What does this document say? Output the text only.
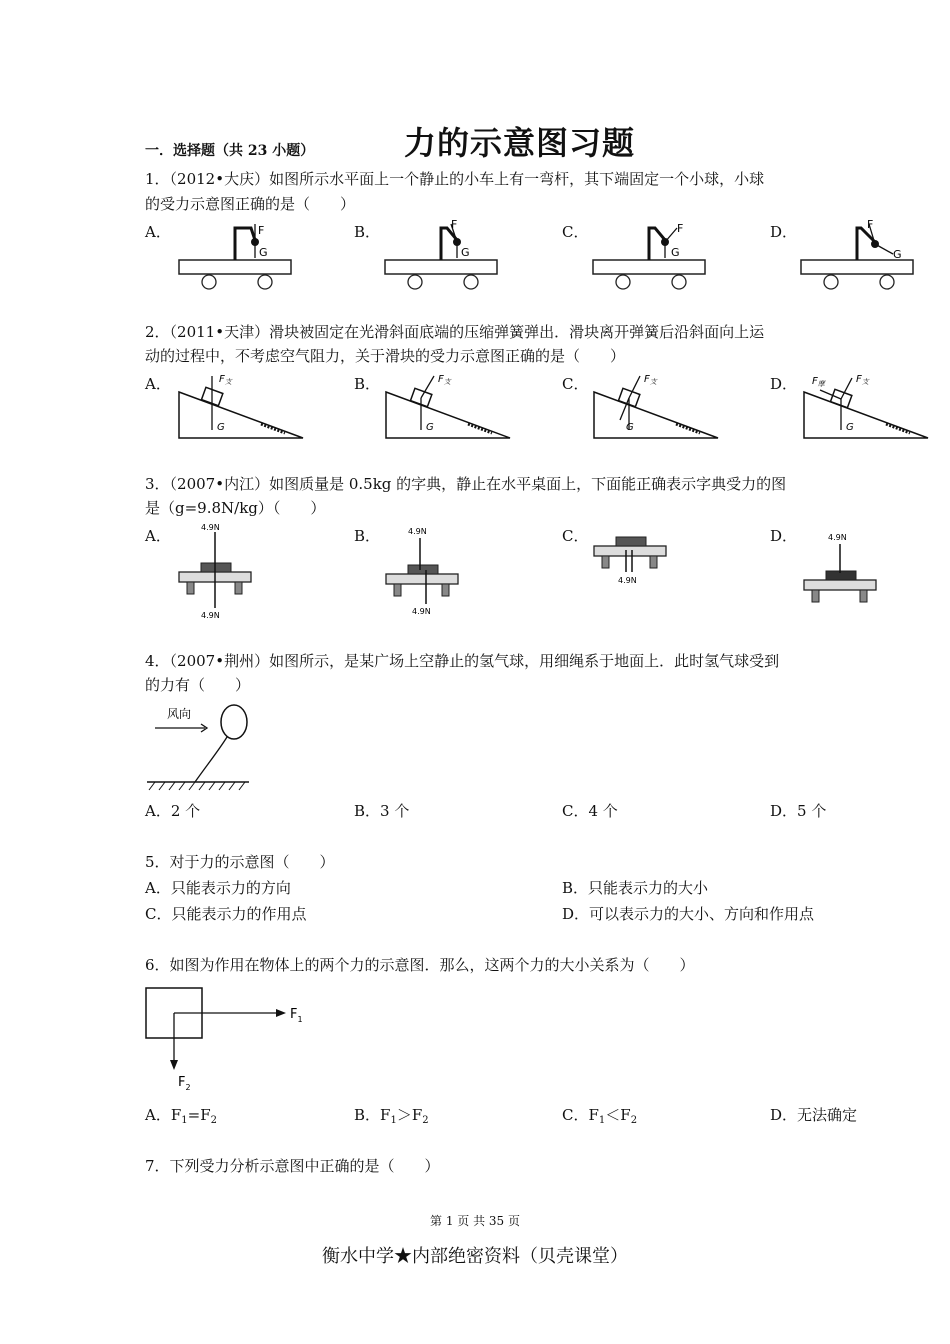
一．选择题（共 23 小题）	力的示意图习题
1．（2012•大庆）如图所示水平面上一个静止的小车上有一弯杆，其下端固定一个小球，小球
的受力示意图正确的是（　　）
A．	B．	C．	D．
F
G
F
G
F
G
F
G
2．（2011•天津）滑块被固定在光滑斜面底端的压缩弹簧弹出．滑块离开弹簧后沿斜面向上运
动的过程中，不考虑空气阻力，关于滑块的受力示意图正确的是（　　）
A．	B．	C．	D．
$F_支$
G
$F_支$
G
$F_支$
G
$F_支$
$F_摩$
G
3．（2007•内江）如图质量是 0.5kg 的字典，静止在水平桌面上，下面能正确表示字典受力的图
是（g=9.8N/kg）（　　）
A．	B．	C．	D．
4.9N
4.9N
4.9N
4.9N
4.9N
4.9N
4．（2007•荆州）如图所示，是某广场上空静止的氢气球，用细绳系于地面上．此时氢气球受到
的力有（　　）
风向
A．2 个	B．3 个	C．4 个	D．5 个
5．对于力的示意图（　　）
A．只能表示力的方向	B．只能表示力的大小
C．只能表示力的作用点	D．可以表示力的大小、方向和作用点
6．如图为作用在物体上的两个力的示意图．那么，这两个力的大小关系为（　　）
$F_1$
$F_2$
A．$F_1=F_2$	B．$F_1>F_2$	C．$F_1<F_2$	D．无法确定
7．下列受力分析示意图中正确的是（　　）
第 1 页 共 35 页
衡水中学★内部绝密资料（贝壳课堂）
